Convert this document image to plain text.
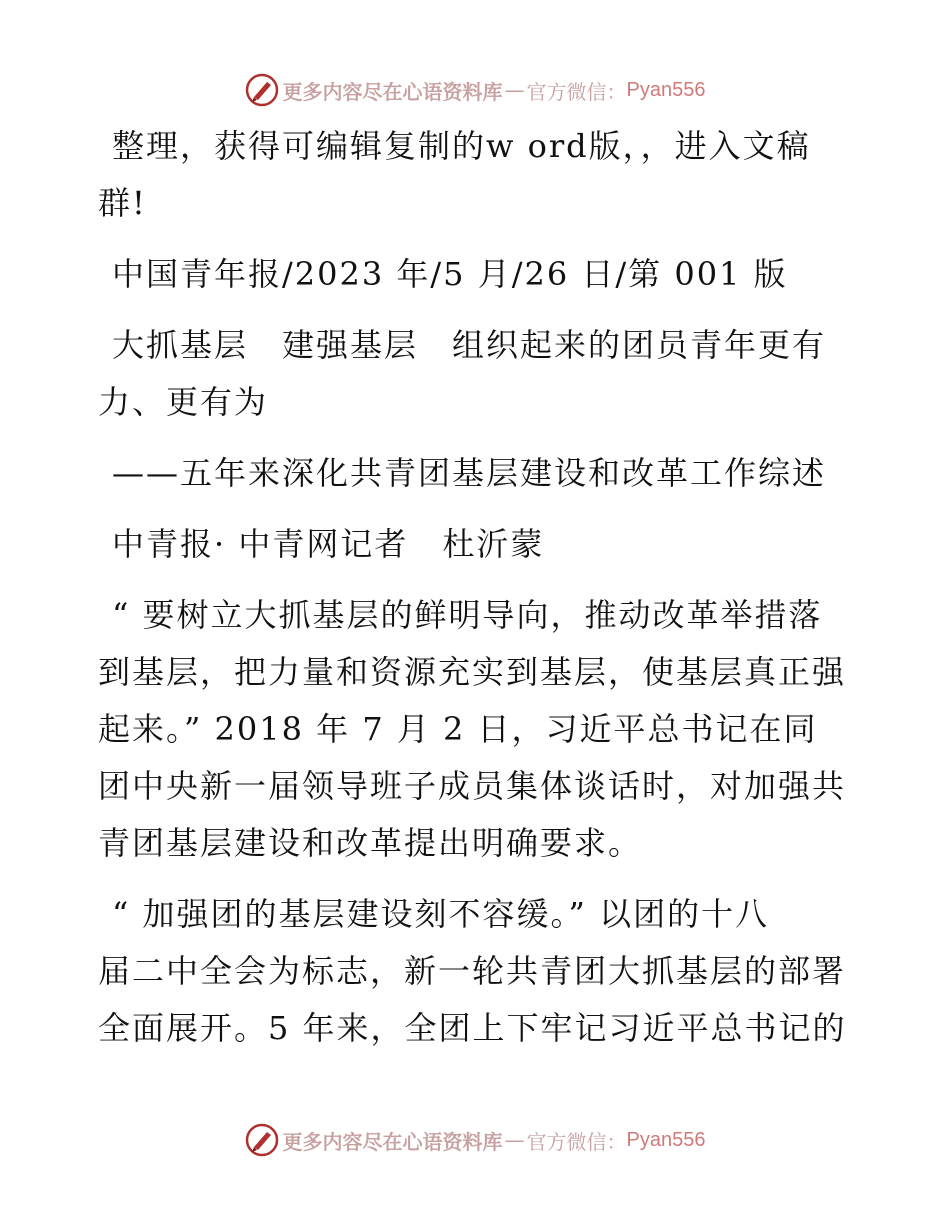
更多内容尽在心语资料库 — 官方微信： Pyan556

整理，获得可编辑复制的w ord版，，进入文稿
群!

中国青年报/2023 年/5 月/26 日/第 001 版

大抓基层　建强基层　组织起来的团员青年更有
力、更有为

——五年来深化共青团基层建设和改革工作综述

中青报· 中青网记者　杜沂蒙

“ 要树立大抓基层的鲜明导向，推动改革举措落
到基层，把力量和资源充实到基层，使基层真正强
起来。” 2018 年 7 月 2 日，习近平总书记在同
团中央新一届领导班子成员集体谈话时，对加强共
青团基层建设和改革提出明确要求。

“ 加强团的基层建设刻不容缓。” 以团的十八
届二中全会为标志，新一轮共青团大抓基层的部署
全面展开。5 年来，全团上下牢记习近平总书记的

更多内容尽在心语资料库 — 官方微信： Pyan556
